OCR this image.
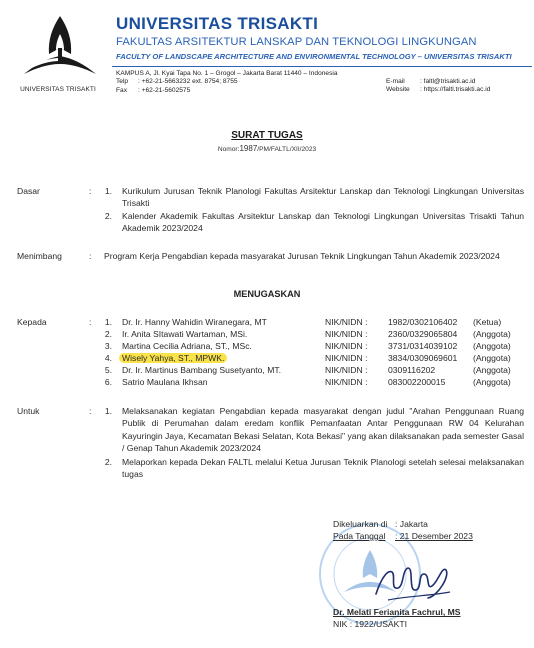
UNIVERSITAS TRISAKTI
UNIVERSITAS TRISAKTI
FAKULTAS ARSITEKTUR LANSKAP DAN TEKNOLOGI LINGKUNGAN
FACULTY OF LANDSCAPE ARCHITECTURE AND ENVIRONMENTAL TECHNOLOGY – UNIVERSITAS TRISAKTI
KAMPUS A, Jl. Kyai Tapa No. 1 – Grogol – Jakarta Barat 11440 – Indonesia
Telp : +62-21-5663232 ext. 8754; 8755
Fax : +62-21-5602575
E-mail : faltl@trisakti.ac.id
Website : https://faltl.trisakti.ac.id
SURAT TUGAS
Nomor:1987/PM/FALTL/XII/2023
Dasar	: 1. Kurikulum Jurusan Teknik Planologi Fakultas Arsitektur Lanskap dan Teknologi Lingkungan Universitas Trisakti
2. Kalender Akademik Fakultas Arsitektur Lanskap dan Teknologi Lingkungan Universitas Trisakti Tahun Akademik 2023/2024
Menimbang	: Program Kerja Pengabdian kepada masyarakat Jurusan Teknik Lingkungan Tahun Akademik 2023/2024
MENUGASKAN
Kepada	: 1. Dr. Ir. Hanny Wahidin Wiranegara, MT	NIK/NIDN : 1982/0302106402 (Ketua)
2. Ir. Anita SItawati Wartaman, MSi.	NIK/NIDN : 2360/0329065804 (Anggota)
3. Martina Cecilia Adriana, ST., MSc.	NIK/NIDN : 3731/0314039102 (Anggota)
4. Wisely Yahya, ST., MPWK.	NIK/NIDN : 3834/0309069601 (Anggota)
5. Dr. Ir. Martinus Bambang Susetyanto, MT.	NIK/NIDN : 0309116202	(Anggota)
6. Satrio Maulana Ikhsan	NIK/NIDN : 083002200015	(Anggota)
Untuk	: 1. Melaksanakan kegiatan Pengabdian kepada masyarakat dengan judul "Arahan Penggunaan Ruang Publik di Perumahan dalam eredam konflik Pemanfaatan Antar Penggunaan RW 04 Kelurahan Kayuringin Jaya, Kecamatan Bekasi Selatan, Kota Bekasi" yang akan dilaksanakan pada semester Gasal / Genap Tahun Akademik 2023/2024
2. Melaporkan kepada Dekan FALTL melalui Ketua Jurusan Teknik Planologi setelah selesai melaksanakan tugas
Dikeluarkan di : Jakarta
Pada Tanggal : 21 Desember 2023
Dr. Melati Ferianita Fachrul, MS
NIK : 1922/USAKTI
